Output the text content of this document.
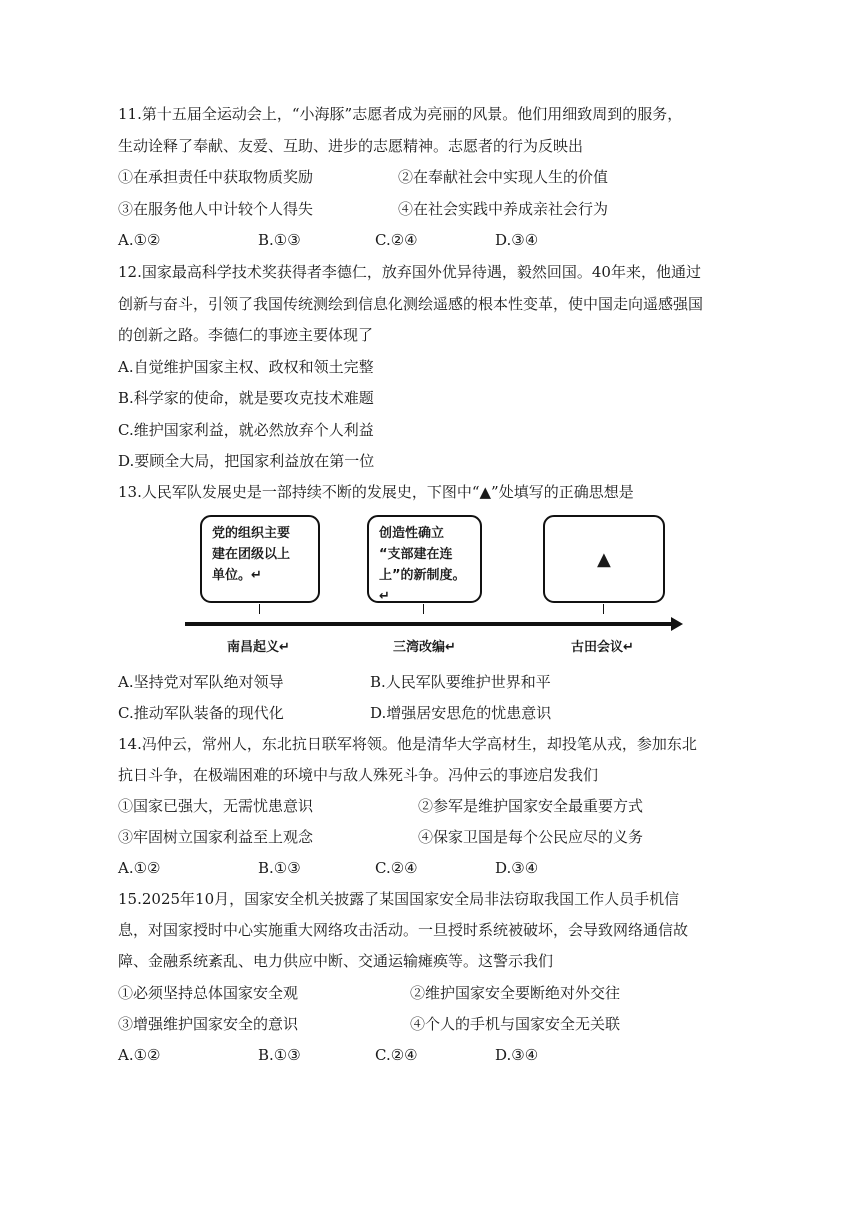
11.第十五届全运动会上，“小海豚”志愿者成为亮丽的风景。他们用细致周到的服务，
生动诠释了奉献、友爱、互助、进步的志愿精神。志愿者的行为反映出
①在承担责任中获取物质奖励	②在奉献社会中实现人生的价值
③在服务他人中计较个人得失	④在社会实践中养成亲社会行为
A.①②	B.①③	C.②④	D.③④
12.国家最高科学技术奖获得者李德仁，放弃国外优异待遇，毅然回国。40年来，他通过
创新与奋斗，引领了我国传统测绘到信息化测绘遥感的根本性变革，使中国走向遥感强国
的创新之路。李德仁的事迹主要体现了
A.自觉维护国家主权、政权和领土完整
B.科学家的使命，就是要攻克技术难题
C.维护国家利益，就必然放弃个人利益
D.要顾全大局，把国家利益放在第一位
13.人民军队发展史是一部持续不断的发展史，下图中“▲”处填写的正确思想是
党的组织主要
建在团级以上
单位。↵
创造性确立
“支部建在连
上”的新制度。↵
▲
南昌起义↵	三湾改编↵	古田会议↵
A.坚持党对军队绝对领导	B.人民军队要维护世界和平
C.推动军队装备的现代化	D.增强居安思危的忧患意识
14.冯仲云，常州人，东北抗日联军将领。他是清华大学高材生，却投笔从戎，参加东北
抗日斗争，在极端困难的环境中与敌人殊死斗争。冯仲云的事迹启发我们
①国家已强大，无需忧患意识	②参军是维护国家安全最重要方式
③牢固树立国家利益至上观念	④保家卫国是每个公民应尽的义务
A.①②	B.①③	C.②④	D.③④
15.2025年10月，国家安全机关披露了某国国家安全局非法窃取我国工作人员手机信
息，对国家授时中心实施重大网络攻击活动。一旦授时系统被破坏，会导致网络通信故
障、金融系统紊乱、电力供应中断、交通运输瘫痪等。这警示我们
①必须坚持总体国家安全观	②维护国家安全要断绝对外交往
③增强维护国家安全的意识	④个人的手机与国家安全无关联
A.①②	B.①③	C.②④	D.③④
